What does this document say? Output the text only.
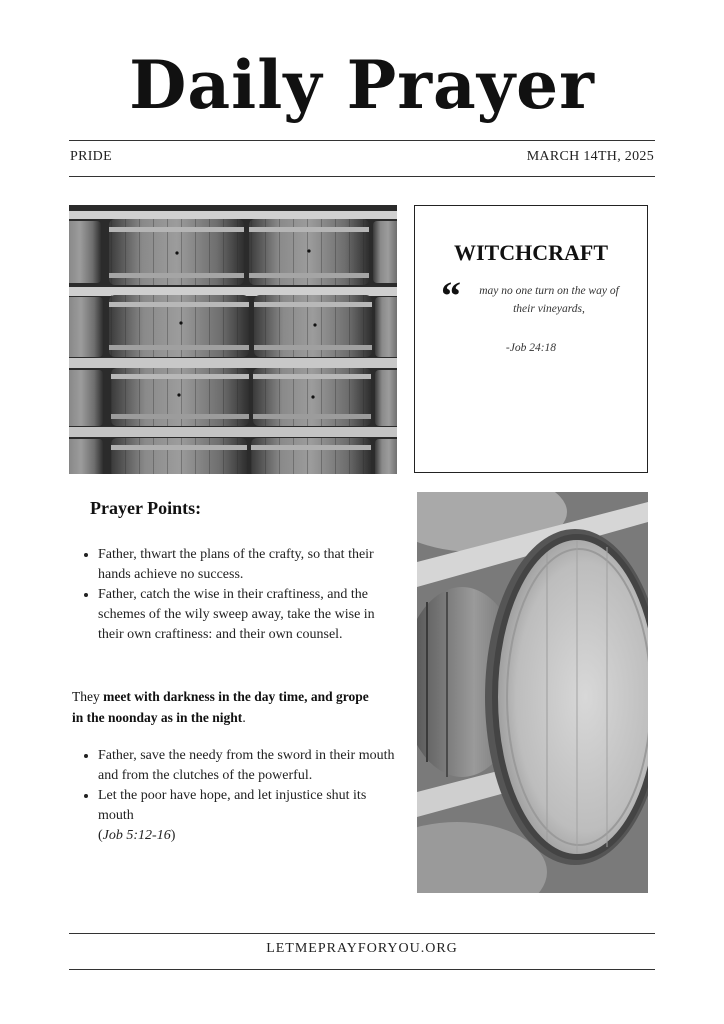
Daily Prayer
PRIDE	MARCH 14TH, 2025
WITCHCRAFT
“ may no one turn on the way of their vineyards,
-Job 24:18
Prayer Points:
• Father, thwart the plans of the crafty, so that their hands achieve no success.
• Father, catch the wise in their craftiness, and the schemes of the wily sweep away, take the wise in their own craftiness: and their own counsel.
They meet with darkness in the day time, and grope in the noonday as in the night.
• Father, save the needy from the sword in their mouth and from the clutches of the powerful.
• Let the poor have hope, and let injustice shut its mouth
(Job 5:12-16)
LETMEPRAYFORYOU.ORG
